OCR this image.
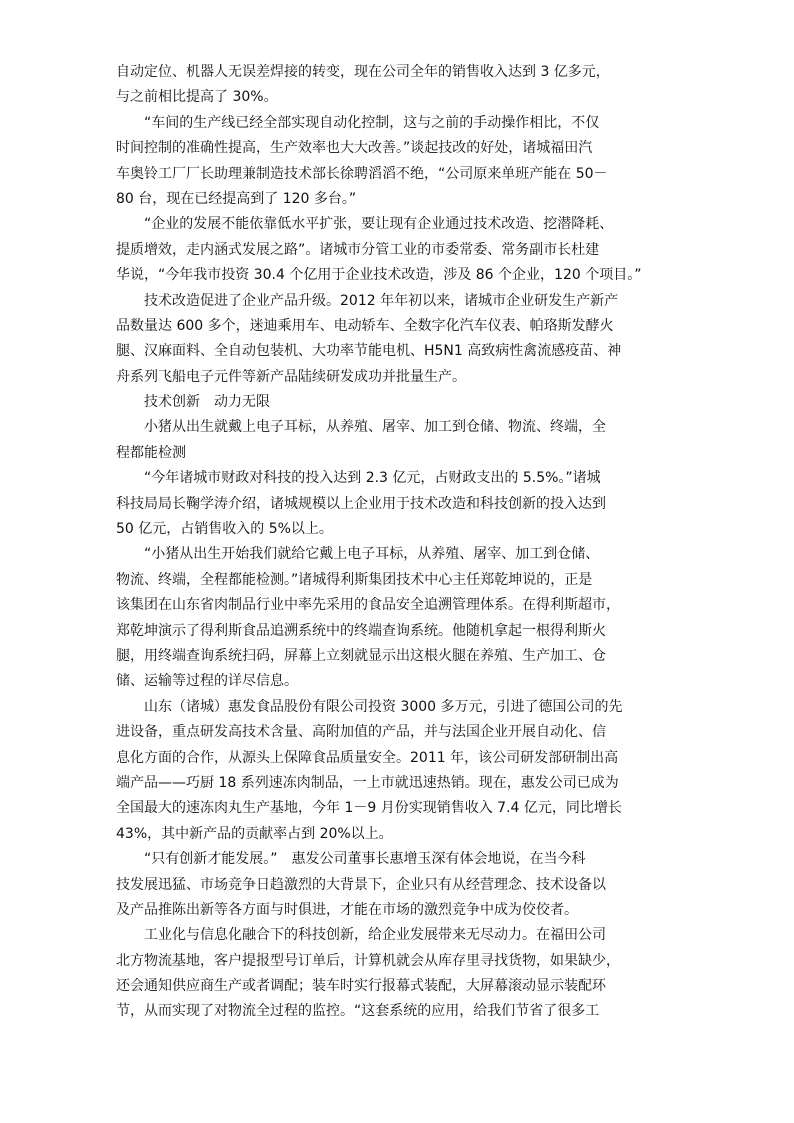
自动定位、机器人无误差焊接的转变，现在公司全年的销售收入达到 3 亿多元，
与之前相比提高了 30%。
“车间的生产线已经全部实现自动化控制，这与之前的手动操作相比，不仅
时间控制的准确性提高，生产效率也大大改善。”谈起技改的好处，诸城福田汽
车奥铃工厂厂长助理兼制造技术部长徐聘滔滔不绝，“公司原来单班产能在 50－
80 台，现在已经提高到了 120 多台。”
“企业的发展不能依靠低水平扩张，要让现有企业通过技术改造、挖潜降耗、
提质增效，走内涵式发展之路”。诸城市分管工业的市委常委、常务副市长杜建
华说，“今年我市投资 30.4 个亿用于企业技术改造，涉及 86 个企业，120 个项目。”
技术改造促进了企业产品升级。2012 年年初以来，诸城市企业研发生产新产
品数量达 600 多个，迷迪乘用车、电动轿车、全数字化汽车仪表、帕珞斯发酵火
腿、汉麻面料、全自动包装机、大功率节能电机、H5N1 高致病性禽流感疫苗、神
舟系列飞船电子元件等新产品陆续研发成功并批量生产。
技术创新　动力无限
小猪从出生就戴上电子耳标，从养殖、屠宰、加工到仓储、物流、终端，全
程都能检测
“今年诸城市财政对科技的投入达到 2.3 亿元，占财政支出的 5.5%。”诸城
科技局局长鞠学涛介绍，诸城规模以上企业用于技术改造和科技创新的投入达到
50 亿元，占销售收入的 5%以上。
“小猪从出生开始我们就给它戴上电子耳标，从养殖、屠宰、加工到仓储、
物流、终端，全程都能检测。”诸城得利斯集团技术中心主任郑乾坤说的，正是
该集团在山东省肉制品行业中率先采用的食品安全追溯管理体系。在得利斯超市，
郑乾坤演示了得利斯食品追溯系统中的终端查询系统。他随机拿起一根得利斯火
腿，用终端查询系统扫码，屏幕上立刻就显示出这根火腿在养殖、生产加工、仓
储、运输等过程的详尽信息。
山东（诸城）惠发食品股份有限公司投资 3000 多万元，引进了德国公司的先
进设备，重点研发高技术含量、高附加值的产品，并与法国企业开展自动化、信
息化方面的合作，从源头上保障食品质量安全。2011 年，该公司研发部研制出高
端产品——巧厨 18 系列速冻肉制品，一上市就迅速热销。现在，惠发公司已成为
全国最大的速冻肉丸生产基地，今年 1－9 月份实现销售收入 7.4 亿元，同比增长
43%，其中新产品的贡献率占到 20%以上。
“只有创新才能发展。”　惠发公司董事长惠增玉深有体会地说，在当今科
技发展迅猛、市场竞争日趋激烈的大背景下，企业只有从经营理念、技术设备以
及产品推陈出新等各方面与时俱进，才能在市场的激烈竞争中成为佼佼者。
工业化与信息化融合下的科技创新，给企业发展带来无尽动力。在福田公司
北方物流基地，客户提报型号订单后，计算机就会从库存里寻找货物，如果缺少，
还会通知供应商生产或者调配；装车时实行报幕式装配，大屏幕滚动显示装配环
节，从而实现了对物流全过程的监控。“这套系统的应用，给我们节省了很多工
